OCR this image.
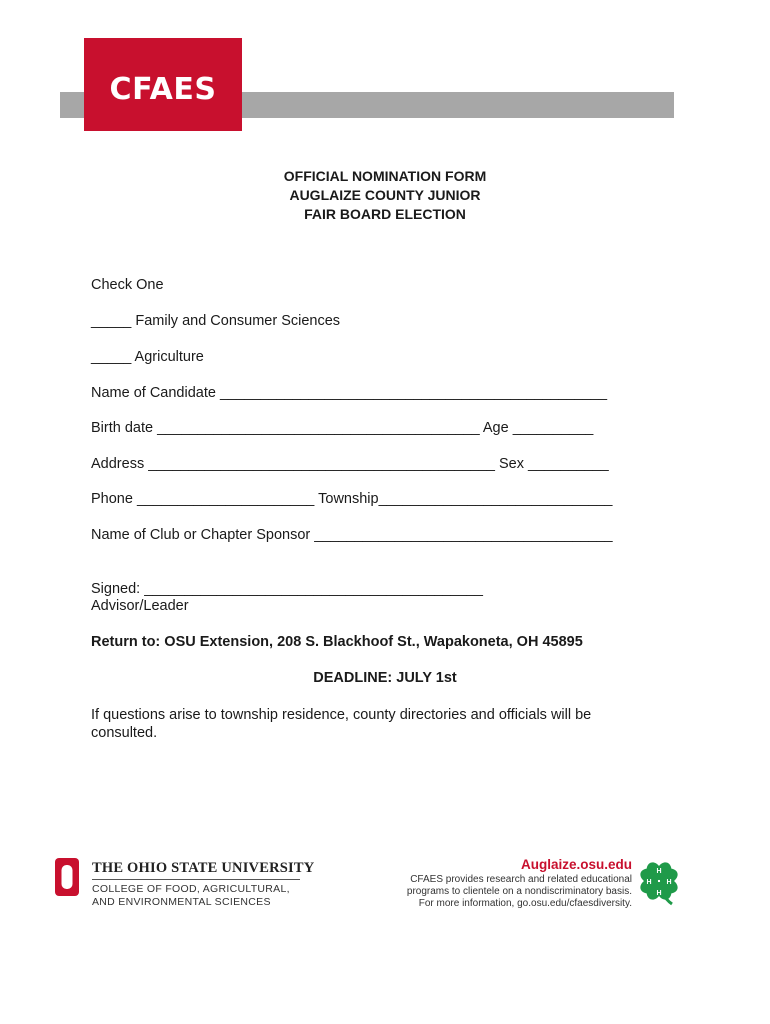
CFAES
OFFICIAL NOMINATION FORM
AUGLAIZE COUNTY JUNIOR
FAIR BOARD ELECTION
Check One
_____ Family and Consumer Sciences
_____ Agriculture
Name of Candidate ________________________________________________
Birth date ________________________________________ Age __________
Address ___________________________________________ Sex __________
Phone ______________________ Township_____________________________
Name of Club or Chapter Sponsor _____________________________________
Signed: __________________________________________
Advisor/Leader
Return to: OSU Extension, 208 S. Blackhoof St., Wapakoneta, OH 45895
DEADLINE: JULY 1st
If questions arise to township residence, county directories and officials will be consulted.
THE OHIO STATE UNIVERSITY
COLLEGE OF FOOD, AGRICULTURAL,
AND ENVIRONMENTAL SCIENCES
Auglaize.osu.edu
CFAES provides research and related educational
programs to clientele on a nondiscriminatory basis.
For more information, go.osu.edu/cfaesdiversity.
H
H
H
H
